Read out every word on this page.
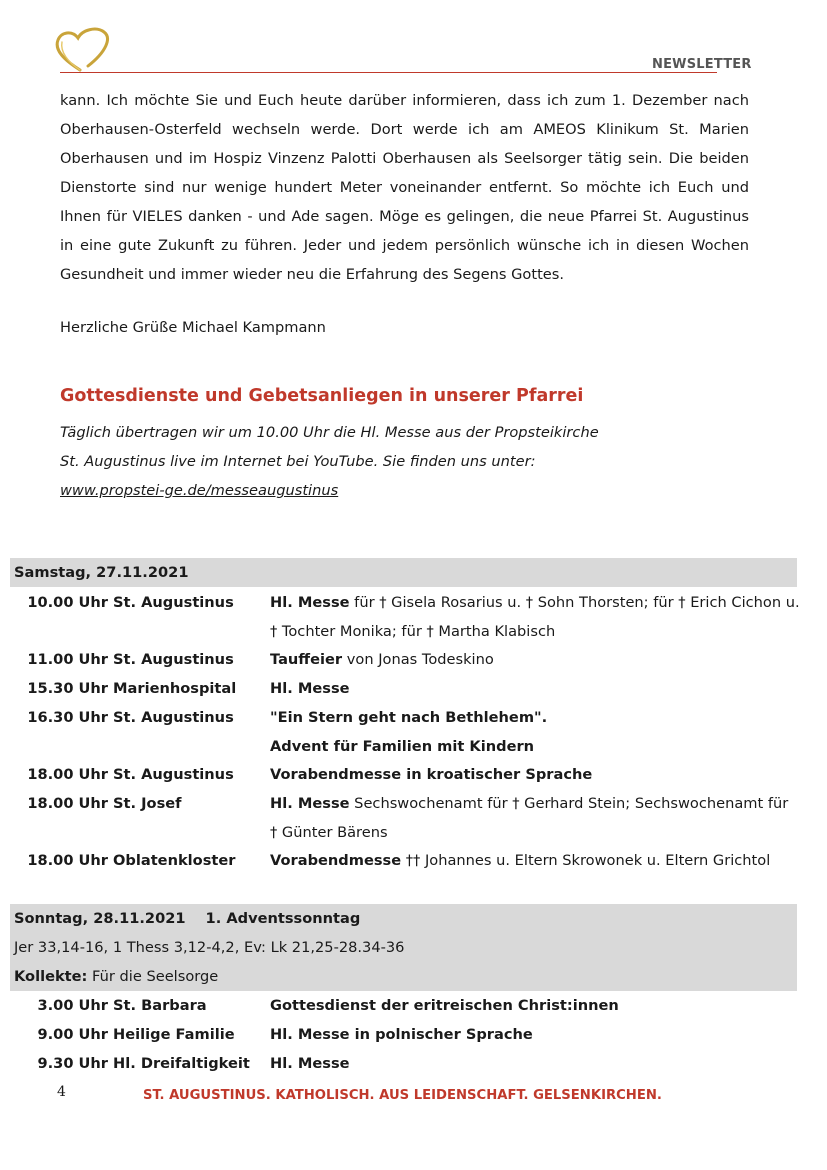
NEWSLETTER
kann. Ich möchte Sie und Euch heute darüber informieren, dass ich zum 1. Dezember nach Oberhausen-Osterfeld wechseln werde. Dort werde ich am AMEOS Klinikum St. Marien Oberhausen und im Hospiz Vinzenz Palotti Oberhausen als Seelsorger tätig sein. Die beiden Dienstorte sind nur wenige hundert Meter voneinander entfernt. So möchte ich Euch und Ihnen für VIELES danken - und Ade sagen. Möge es gelingen, die neue Pfarrei St. Augustinus in eine gute Zukunft zu führen. Jeder und jedem persönlich wünsche ich in diesen Wochen Gesundheit und immer wieder neu die Erfahrung des Segens Gottes.
Herzliche Grüße Michael Kampmann
Gottesdienste und Gebetsanliegen in unserer Pfarrei
Täglich übertragen wir um 10.00 Uhr die Hl. Messe aus der Propsteikirche
St. Augustinus live im Internet bei YouTube. Sie finden uns unter:
www.propstei-ge.de/messeaugustinus
Samstag, 27.11.2021
10.00 Uhr St. Augustinus	Hl. Messe für † Gisela Rosarius u. † Sohn Thorsten; für † Erich Cichon u. † Tochter Monika; für † Martha Klabisch
11.00 Uhr St. Augustinus	Tauffeier von Jonas Todeskino
15.30 Uhr Marienhospital	Hl. Messe
16.30 Uhr St. Augustinus	"Ein Stern geht nach Bethlehem". Advent für Familien mit Kindern
18.00 Uhr St. Augustinus	Vorabendmesse in kroatischer Sprache
18.00 Uhr St. Josef	Hl. Messe Sechswochenamt für † Gerhard Stein; Sechswochenamt für † Günter Bärens
18.00 Uhr Oblatenkloster	Vorabendmesse †† Johannes u. Eltern Skrowonek u. Eltern Grichtol
Sonntag, 28.11.2021 1. Adventssonntag
Jer 33,14-16, 1 Thess 3,12-4,2, Ev: Lk 21,25-28.34-36
Kollekte: Für die Seelsorge
3.00 Uhr St. Barbara	Gottesdienst der eritreischen Christ:innen
9.00 Uhr Heilige Familie	Hl. Messe in polnischer Sprache
9.30 Uhr Hl. Dreifaltigkeit	Hl. Messe
4	ST. AUGUSTINUS. KATHOLISCH. AUS LEIDENSCHAFT. GELSENKIRCHEN.
